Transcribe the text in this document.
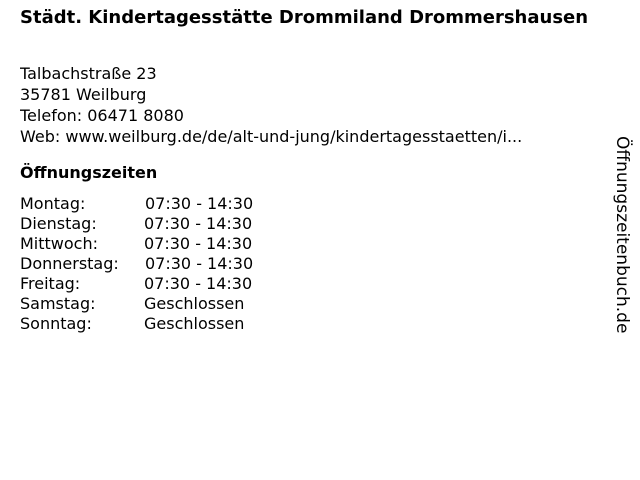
Städt. Kindertagesstätte Drommiland Drommershausen
Talbachstraße 23
35781 Weilburg
Telefon: 06471 8080
Web:
www.weilburg.de/de/alt-und-jung/kindertagesstaetten/i...
Öffnungszeiten
Montag:	07:30 - 14:30
Dienstag:	07:30 - 14:30
Mittwoch:	07:30 - 14:30
Donnerstag:	07:30 - 14:30
Freitag:	07:30 - 14:30
Samstag:	Geschlossen
Sonntag:	Geschlossen	Öffnungszeitenbuch.de
